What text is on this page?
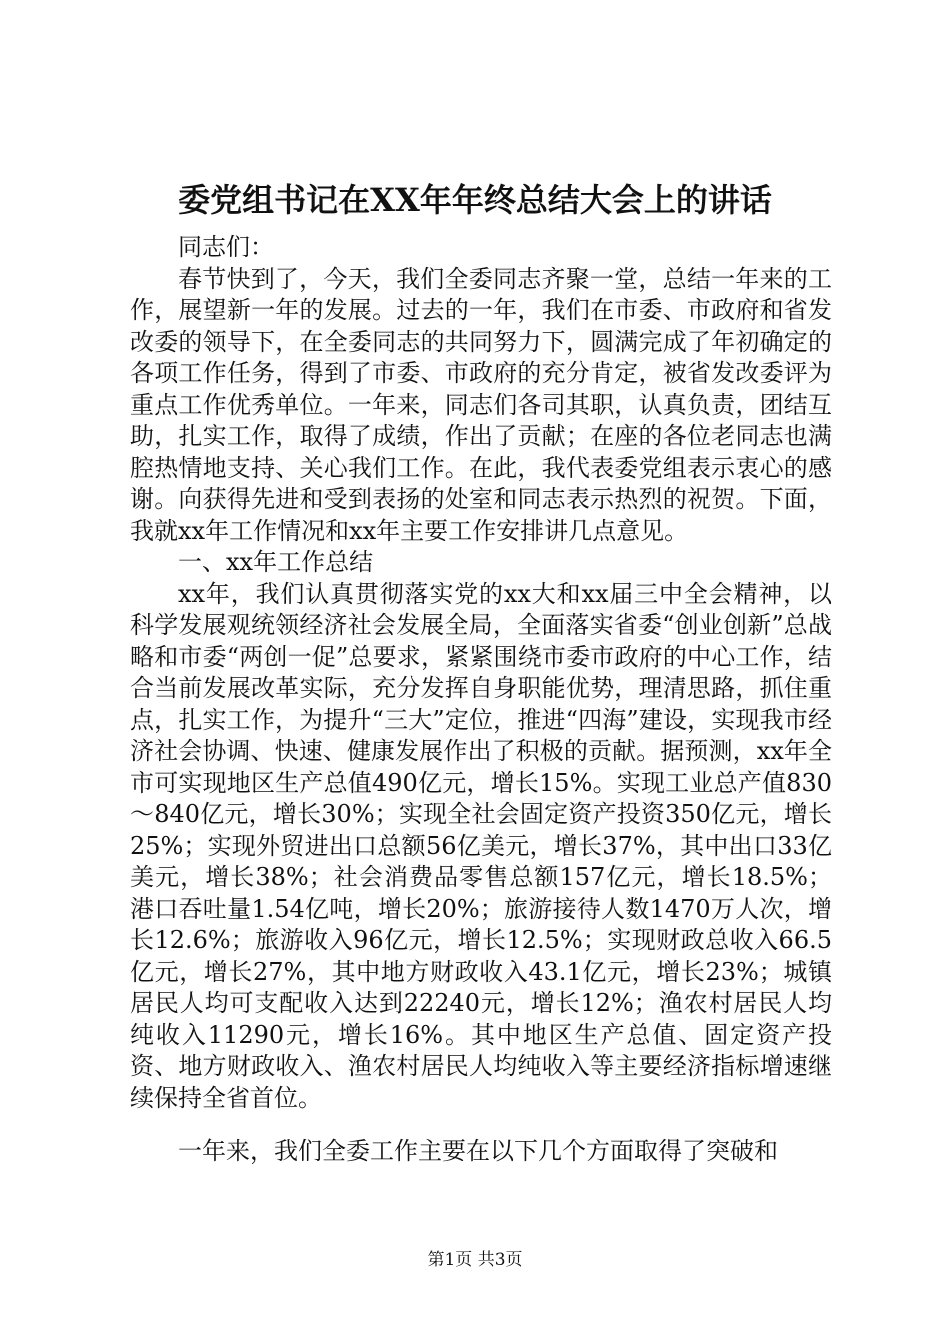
委党组书记在XX年年终总结大会上的讲话

同志们：

春节快到了，今天，我们全委同志齐聚一堂，总结一年来的工作，展望新一年的发展。过去的一年，我们在市委、市政府和省发改委的领导下，在全委同志的共同努力下，圆满完成了年初确定的各项工作任务，得到了市委、市政府的充分肯定，被省发改委评为重点工作优秀单位。一年来，同志们各司其职，认真负责，团结互助，扎实工作，取得了成绩，作出了贡献；在座的各位老同志也满腔热情地支持、关心我们工作。在此，我代表委党组表示衷心的感谢。向获得先进和受到表扬的处室和同志表示热烈的祝贺。下面，我就xx年工作情况和xx年主要工作安排讲几点意见。

一、xx年工作总结

xx年，我们认真贯彻落实党的xx大和xx届三中全会精神，以科学发展观统领经济社会发展全局，全面落实省委“创业创新”总战略和市委“两创一促”总要求，紧紧围绕市委市政府的中心工作，结合当前发展改革实际，充分发挥自身职能优势，理清思路，抓住重点，扎实工作，为提升“三大”定位，推进“四海”建设，实现我市经济社会协调、快速、健康发展作出了积极的贡献。据预测，xx年全市可实现地区生产总值490亿元，增长15%。实现工业总产值830～840亿元，增长30%；实现全社会固定资产投资350亿元，增长25%；实现外贸进出口总额56亿美元，增长37%，其中出口33亿美元，增长38%；社会消费品零售总额157亿元，增长18.5%；港口吞吐量1.54亿吨，增长20%；旅游接待人数1470万人次，增长12.6%；旅游收入96亿元，增长12.5%；实现财政总收入66.5亿元，增长27%，其中地方财政收入43.1亿元，增长23%；城镇居民人均可支配收入达到22240元，增长12%；渔农村居民人均纯收入11290元，增长16%。其中地区生产总值、固定资产投资、地方财政收入、渔农村居民人均纯收入等主要经济指标增速继续保持全省首位。

一年来，我们全委工作主要在以下几个方面取得了突破和

第1页 共3页
